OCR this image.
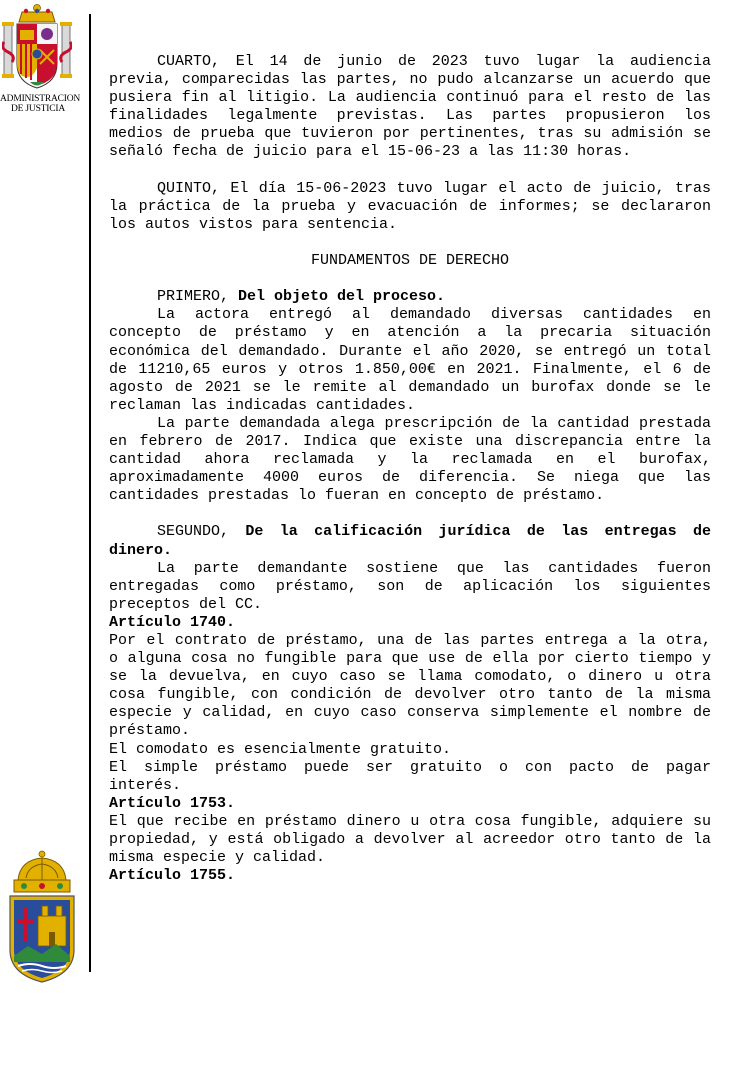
ADMINISTRACION
DE JUSTICIA

CUARTO, El 14 de junio de 2023 tuvo lugar la audiencia previa, comparecidas las partes, no pudo alcanzarse un acuerdo que pusiera fin al litigio. La audiencia continuó para el resto de las finalidades legalmente previstas. Las partes propusieron los medios de prueba que tuvieron por pertinentes, tras su admisión se señaló fecha de juicio para el 15-06-23 a las 11:30 horas.

QUINTO, El día 15-06-2023 tuvo lugar el acto de juicio, tras la práctica de la prueba y evacuación de informes; se declararon los autos vistos para sentencia.

FUNDAMENTOS DE DERECHO

PRIMERO, Del objeto del proceso.

La actora entregó al demandado diversas cantidades en concepto de préstamo y en atención a la precaria situación económica del demandado. Durante el año 2020, se entregó un total de 11210,65 euros y otros 1.850,00€ en 2021. Finalmente, el 6 de agosto de 2021 se le remite al demandado un burofax donde se le reclaman las indicadas cantidades.

La parte demandada alega prescripción de la cantidad prestada en febrero de 2017. Indica que existe una discrepancia entre la cantidad ahora reclamada y la reclamada en el burofax, aproximadamente 4000 euros de diferencia. Se niega que las cantidades prestadas lo fueran en concepto de préstamo.

SEGUNDO, De la calificación jurídica de las entregas de dinero.

La parte demandante sostiene que las cantidades fueron entregadas como préstamo, son de aplicación los siguientes preceptos del CC.

Artículo 1740.

Por el contrato de préstamo, una de las partes entrega a la otra, o alguna cosa no fungible para que use de ella por cierto tiempo y se la devuelva, en cuyo caso se llama comodato, o dinero u otra cosa fungible, con condición de devolver otro tanto de la misma especie y calidad, en cuyo caso conserva simplemente el nombre de préstamo.

El comodato es esencialmente gratuito.

El simple préstamo puede ser gratuito o con pacto de pagar interés.

Artículo 1753.

El que recibe en préstamo dinero u otra cosa fungible, adquiere su propiedad, y está obligado a devolver al acreedor otro tanto de la misma especie y calidad.

Artículo 1755.
